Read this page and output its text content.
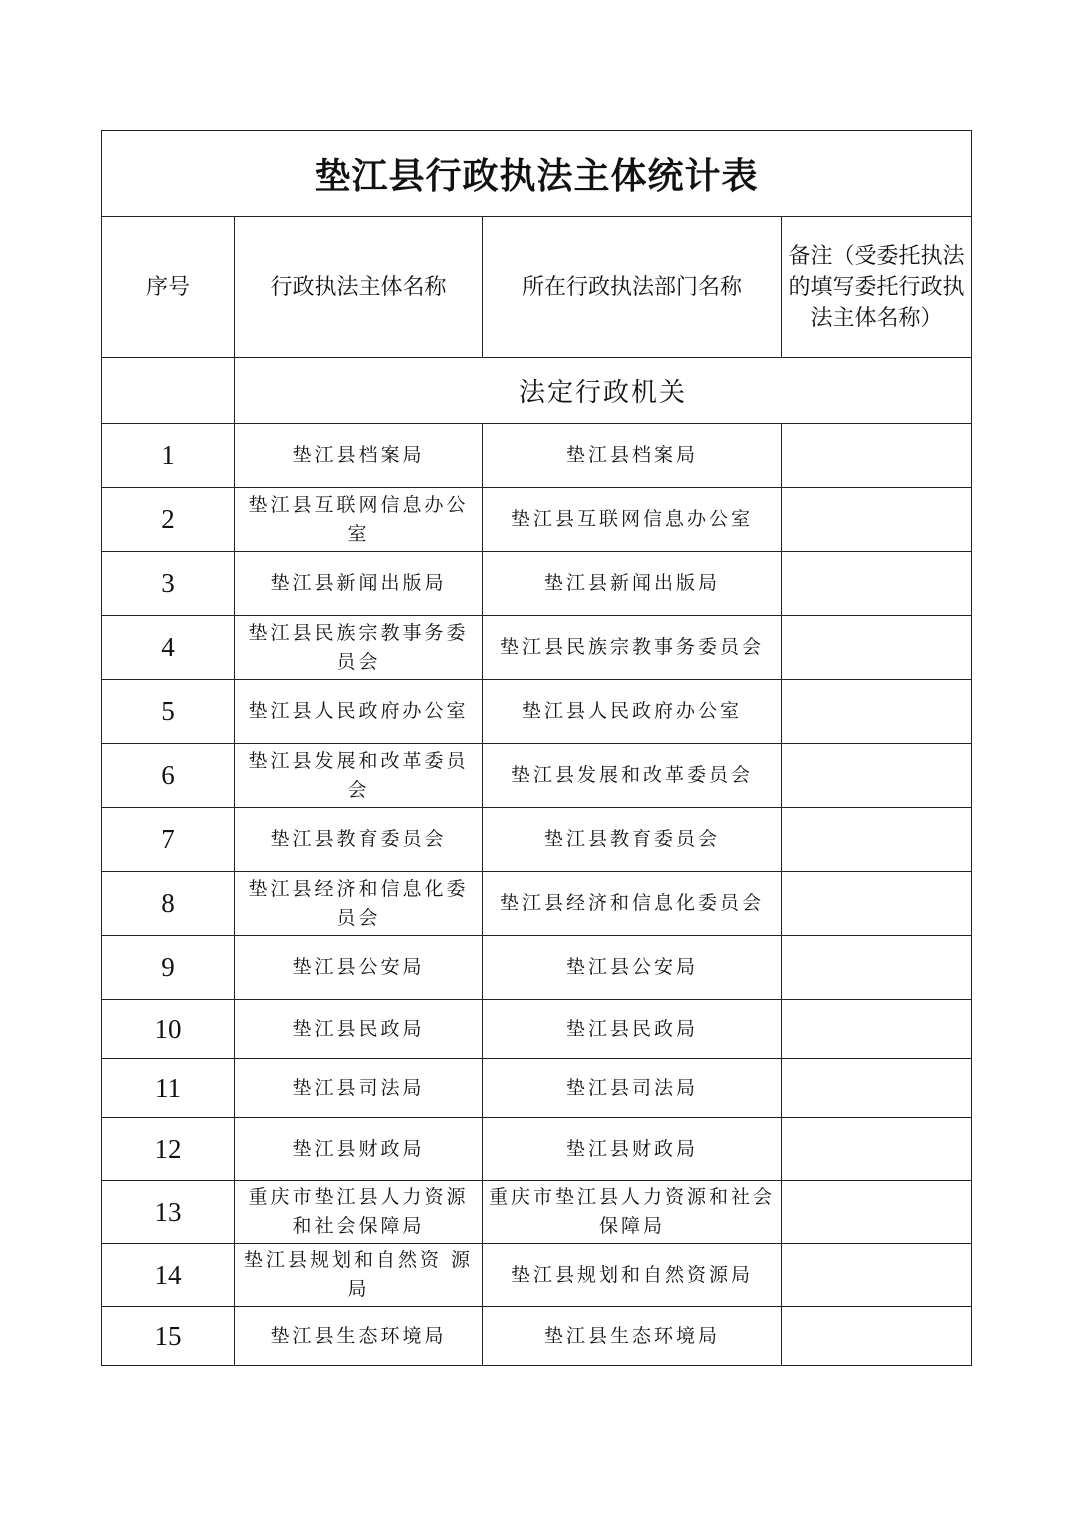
垫江县行政执法主体统计表			
序号	行政执法主体名称	所在行政执法部门名称	备注（受委托执法的填写委托行政执法主体名称）
	法定行政机关		
1	垫江县档案局	垫江县档案局	
2	垫江县互联网信息办公室	垫江县互联网信息办公室	
3	垫江县新闻出版局	垫江县新闻出版局	
4	垫江县民族宗教事务委员会	垫江县民族宗教事务委员会	
5	垫江县人民政府办公室	垫江县人民政府办公室	
6	垫江县发展和改革委员会	垫江县发展和改革委员会	
7	垫江县教育委员会	垫江县教育委员会	
8	垫江县经济和信息化委员会	垫江县经济和信息化委员会	
9	垫江县公安局	垫江县公安局	
10	垫江县民政局	垫江县民政局	
11	垫江县司法局	垫江县司法局	
12	垫江县财政局	垫江县财政局	
13	重庆市垫江县人力资源和社会保障局	重庆市垫江县人力资源和社会保障局	
14	垫江县规划和自然资 源局	垫江县规划和自然资源局	
15	垫江县生态环境局	垫江县生态环境局	
